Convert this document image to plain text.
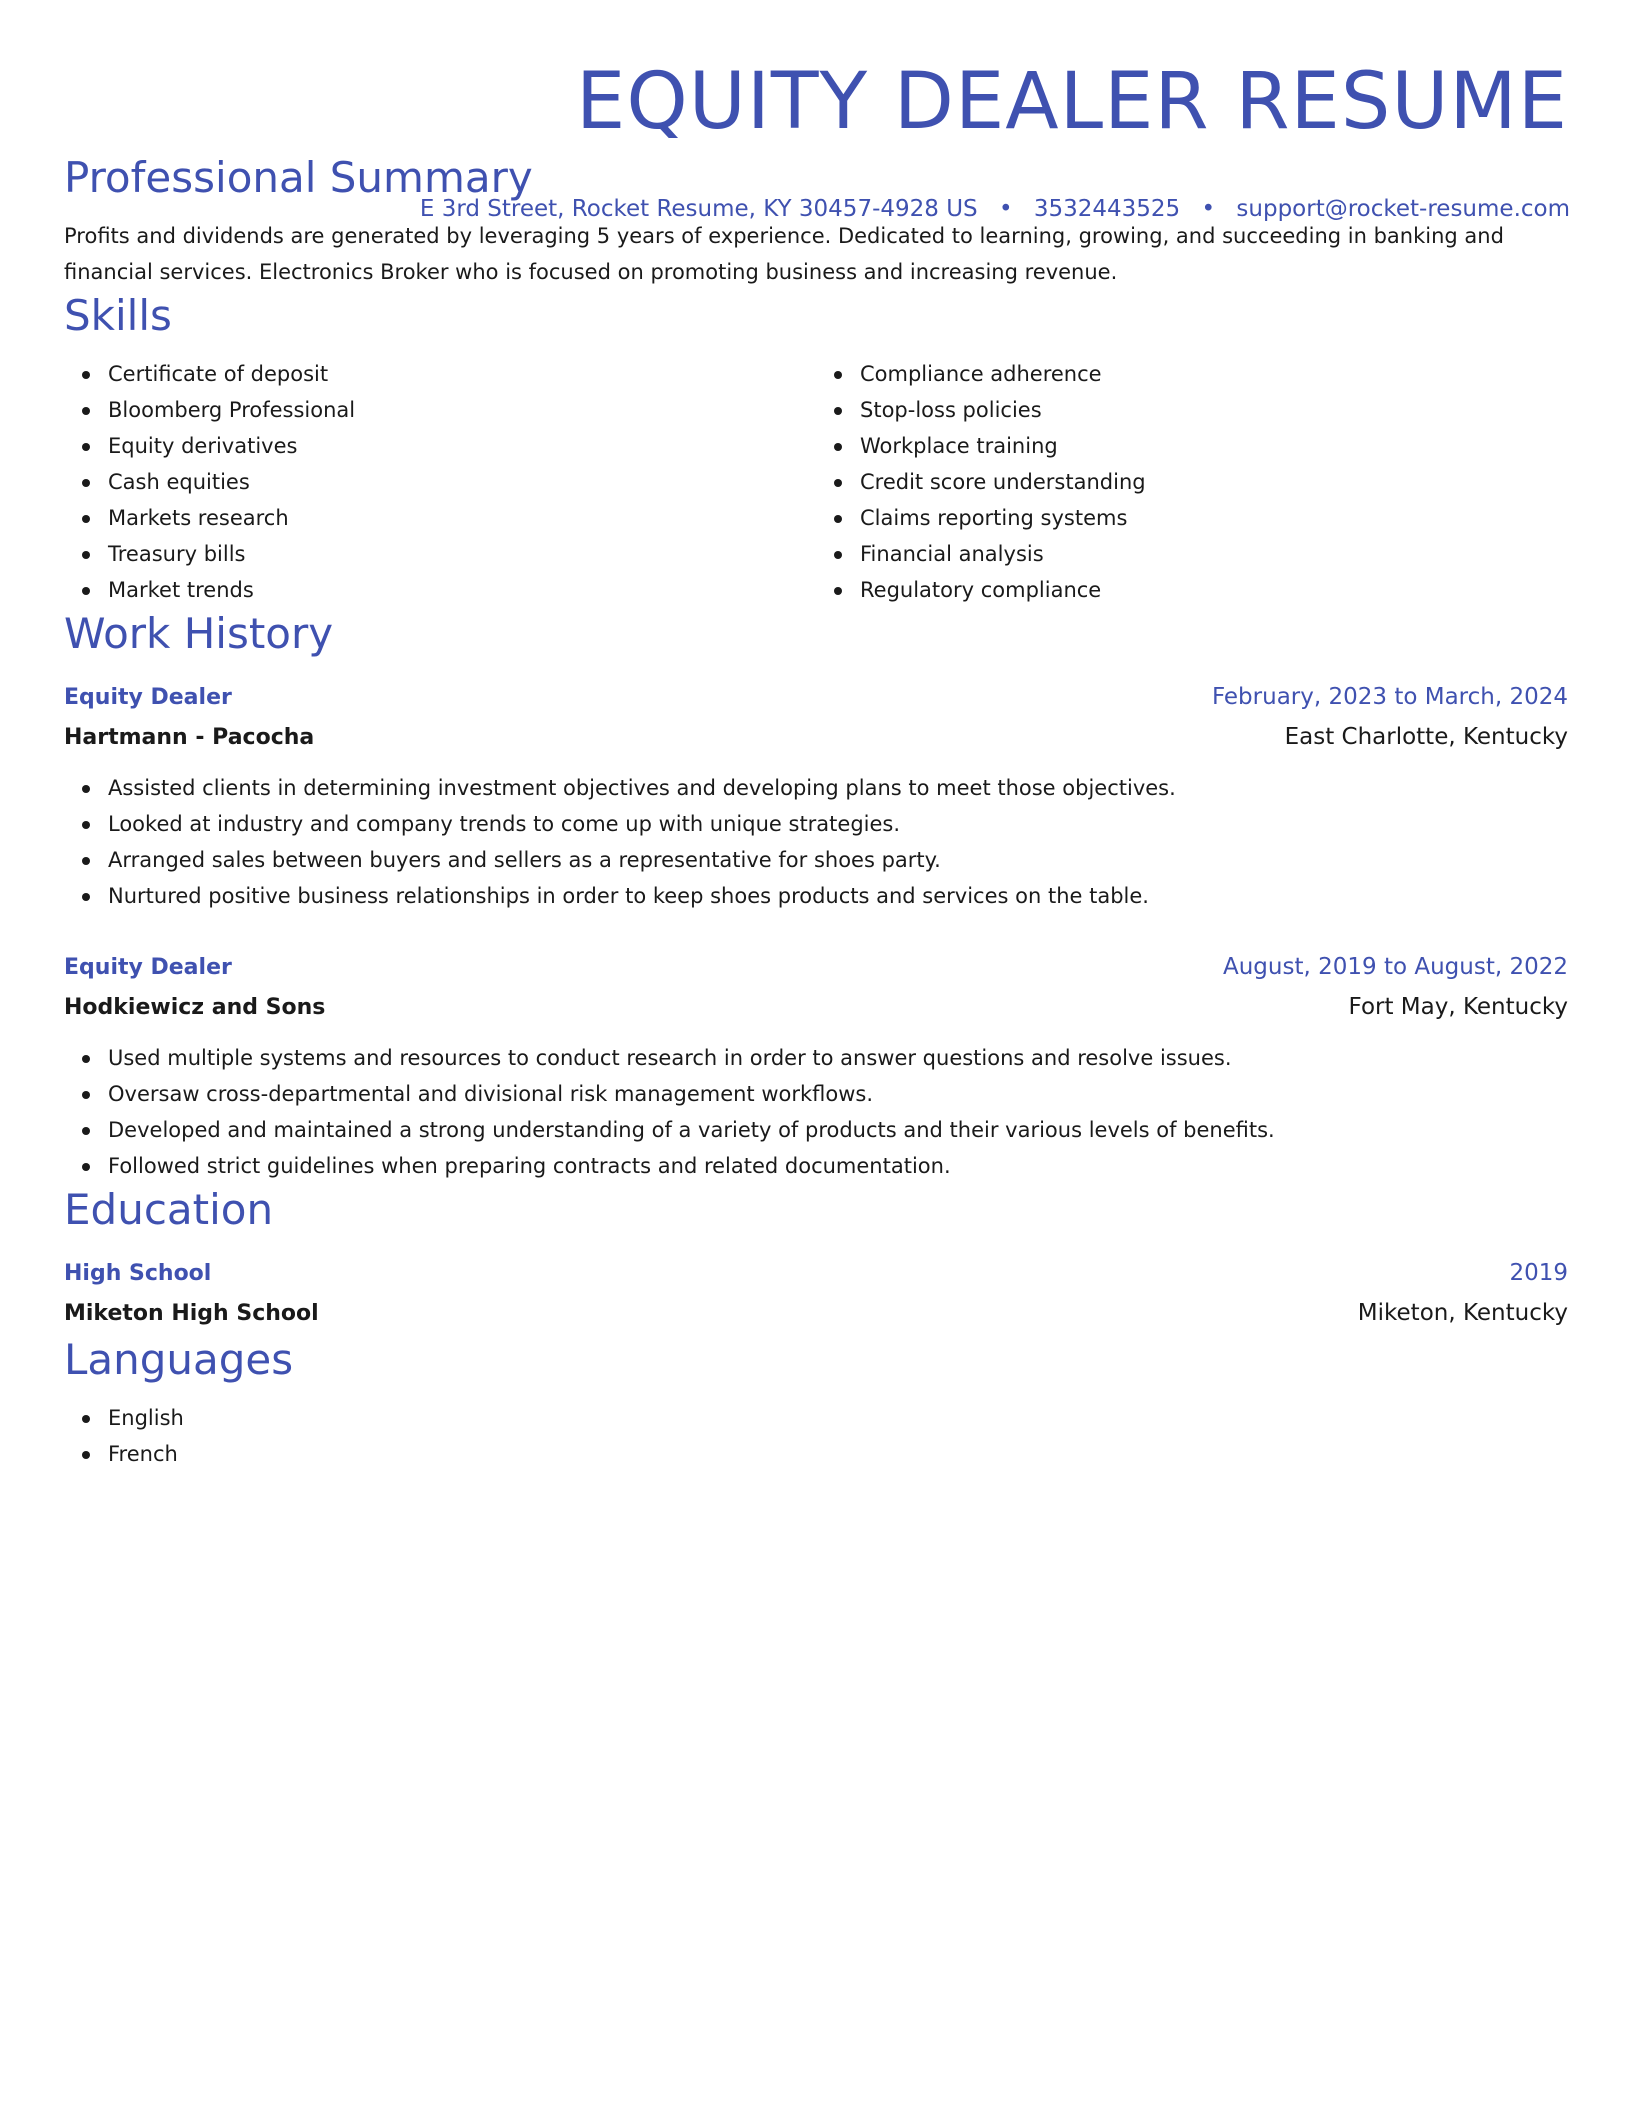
EQUITY DEALER RESUME
E 3rd Street, Rocket Resume, KY 30457-4928 US • 3532443525 • support@rocket-resume.com
Professional Summary

Profits and dividends are generated by leveraging 5 years of experience. Dedicated to learning, growing, and succeeding in banking and financial services. Electronics Broker who is focused on promoting business and increasing revenue.

Skills
Certificate of deposit
Bloomberg Professional
Equity derivatives
Cash equities
Markets research
Treasury bills
Market trends
Compliance adherence
Stop-loss policies
Workplace training
Credit score understanding
Claims reporting systems
Financial analysis
Regulatory compliance
Work History
Equity Dealer	February, 2023 to March, 2024
Hartmann - Pacocha	East Charlotte, Kentucky
Assisted clients in determining investment objectives and developing plans to meet those objectives.
Looked at industry and company trends to come up with unique strategies.
Arranged sales between buyers and sellers as a representative for shoes party.
Nurtured positive business relationships in order to keep shoes products and services on the table.
Equity Dealer	August, 2019 to August, 2022
Hodkiewicz and Sons	Fort May, Kentucky
Used multiple systems and resources to conduct research in order to answer questions and resolve issues.
Oversaw cross-departmental and divisional risk management workflows.
Developed and maintained a strong understanding of a variety of products and their various levels of benefits.
Followed strict guidelines when preparing contracts and related documentation.
Education
High School	2019
Miketon High School	Miketon, Kentucky
Languages
English
French
